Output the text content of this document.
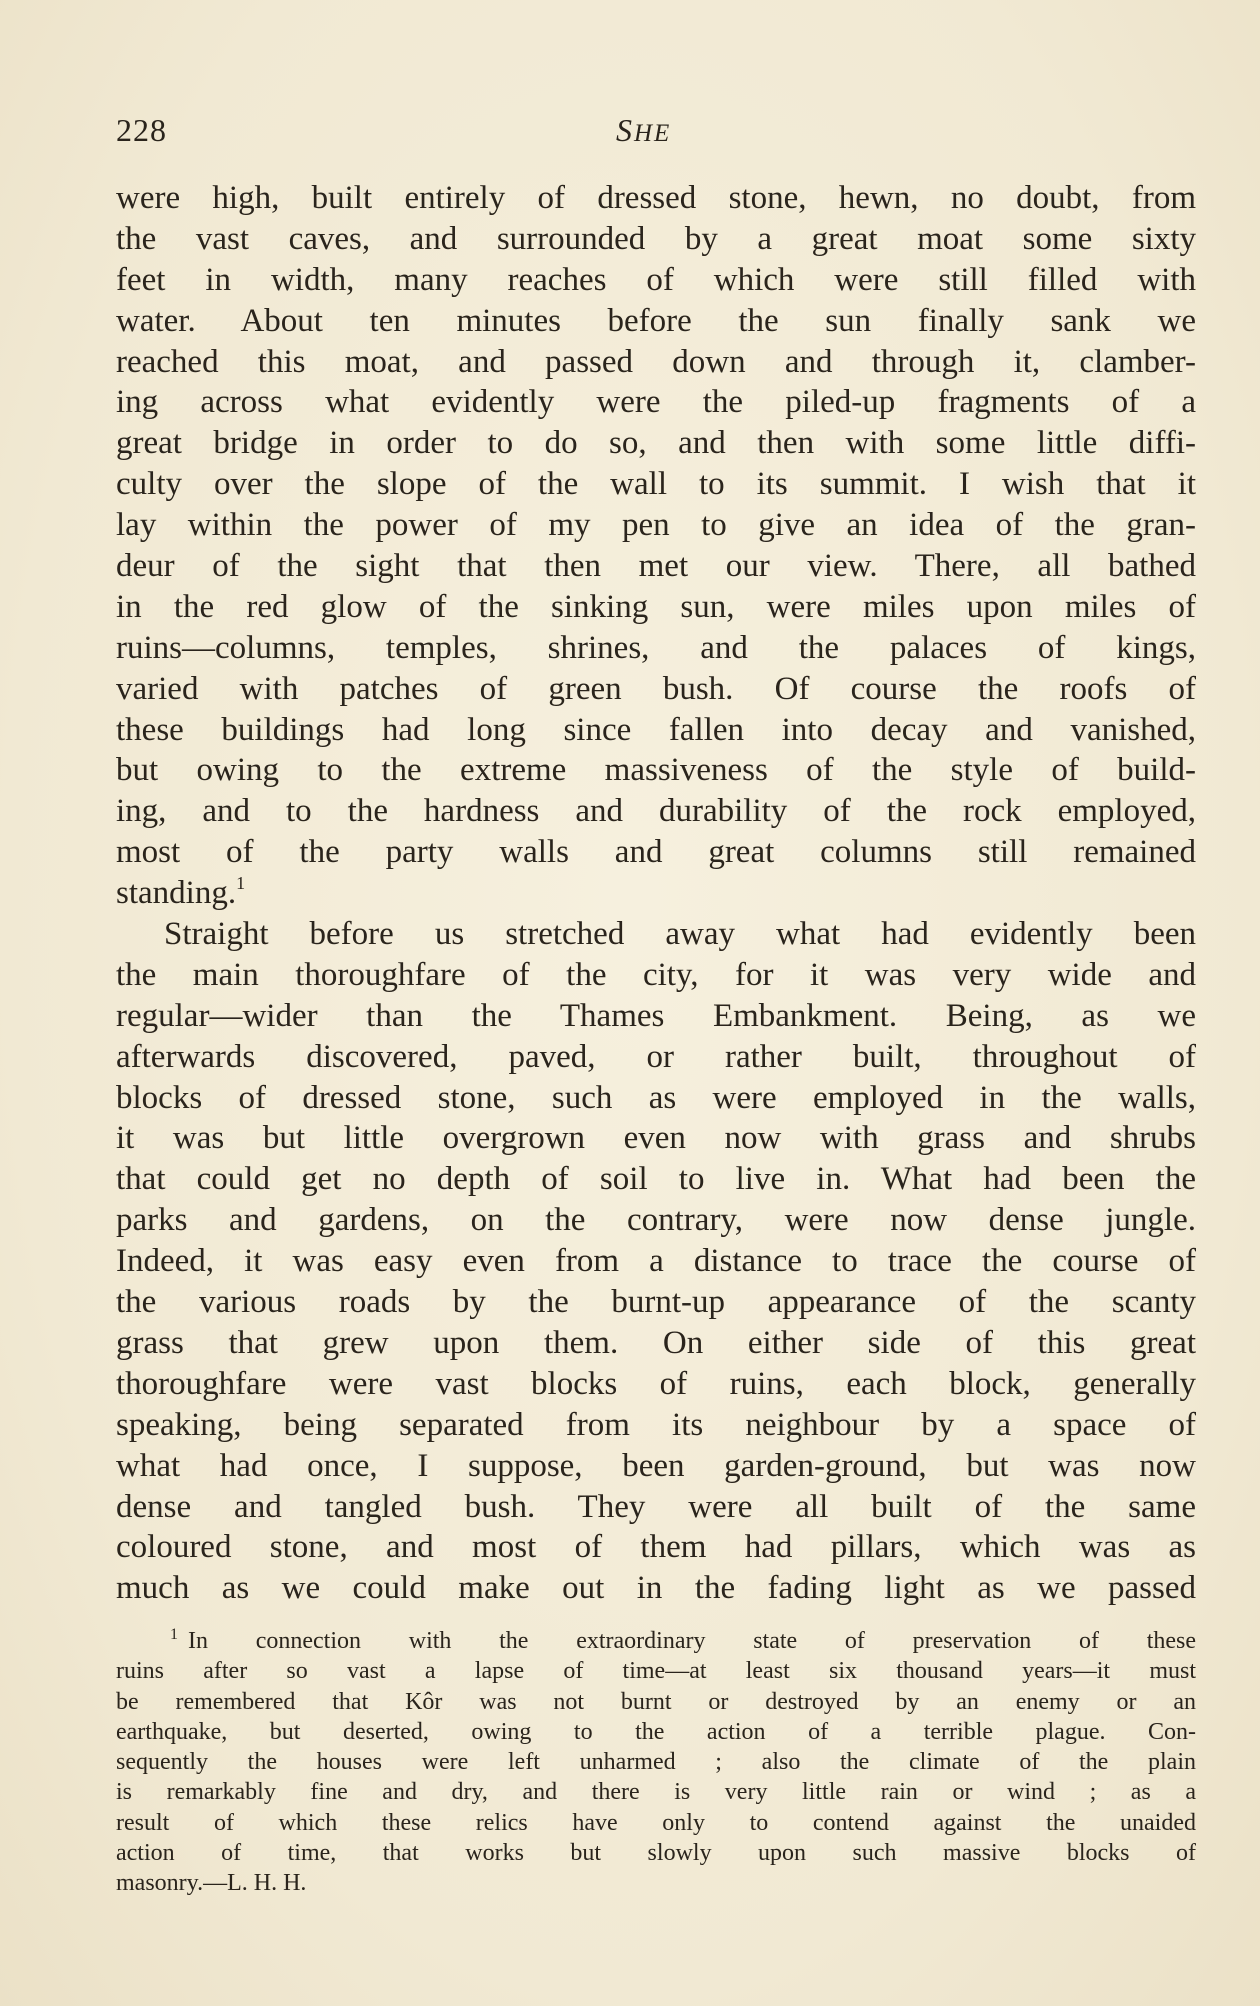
228	SHE
were high, built entirely of dressed stone, hewn, no doubt, from
the vast caves, and surrounded by a great moat some sixty
feet in width, many reaches of which were still filled with
water. About ten minutes before the sun finally sank we
reached this moat, and passed down and through it, clamber-
ing across what evidently were the piled-up fragments of a
great bridge in order to do so, and then with some little diffi-
culty over the slope of the wall to its summit. I wish that it
lay within the power of my pen to give an idea of the gran-
deur of the sight that then met our view. There, all bathed
in the red glow of the sinking sun, were miles upon miles of
ruins—columns, temples, shrines, and the palaces of kings,
varied with patches of green bush. Of course the roofs of
these buildings had long since fallen into decay and vanished,
but owing to the extreme massiveness of the style of build-
ing, and to the hardness and durability of the rock employed,
most of the party walls and great columns still remained
standing.$^1$
Straight before us stretched away what had evidently been
the main thoroughfare of the city, for it was very wide and
regular—wider than the Thames Embankment. Being, as we
afterwards discovered, paved, or rather built, throughout of
blocks of dressed stone, such as were employed in the walls,
it was but little overgrown even now with grass and shrubs
that could get no depth of soil to live in. What had been the
parks and gardens, on the contrary, were now dense jungle.
Indeed, it was easy even from a distance to trace the course of
the various roads by the burnt-up appearance of the scanty
grass that grew upon them. On either side of this great
thoroughfare were vast blocks of ruins, each block, generally
speaking, being separated from its neighbour by a space of
what had once, I suppose, been garden-ground, but was now
dense and tangled bush. They were all built of the same
coloured stone, and most of them had pillars, which was as
much as we could make out in the fading light as we passed
$^1$ In connection with the extraordinary state of preservation of these
ruins after so vast a lapse of time—at least six thousand years—it must
be remembered that Kôr was not burnt or destroyed by an enemy or an
earthquake, but deserted, owing to the action of a terrible plague. Con-
sequently the houses were left unharmed ; also the climate of the plain
is remarkably fine and dry, and there is very little rain or wind ; as a
result of which these relics have only to contend against the unaided
action of time, that works but slowly upon such massive blocks of
masonry.—L. H. H.
